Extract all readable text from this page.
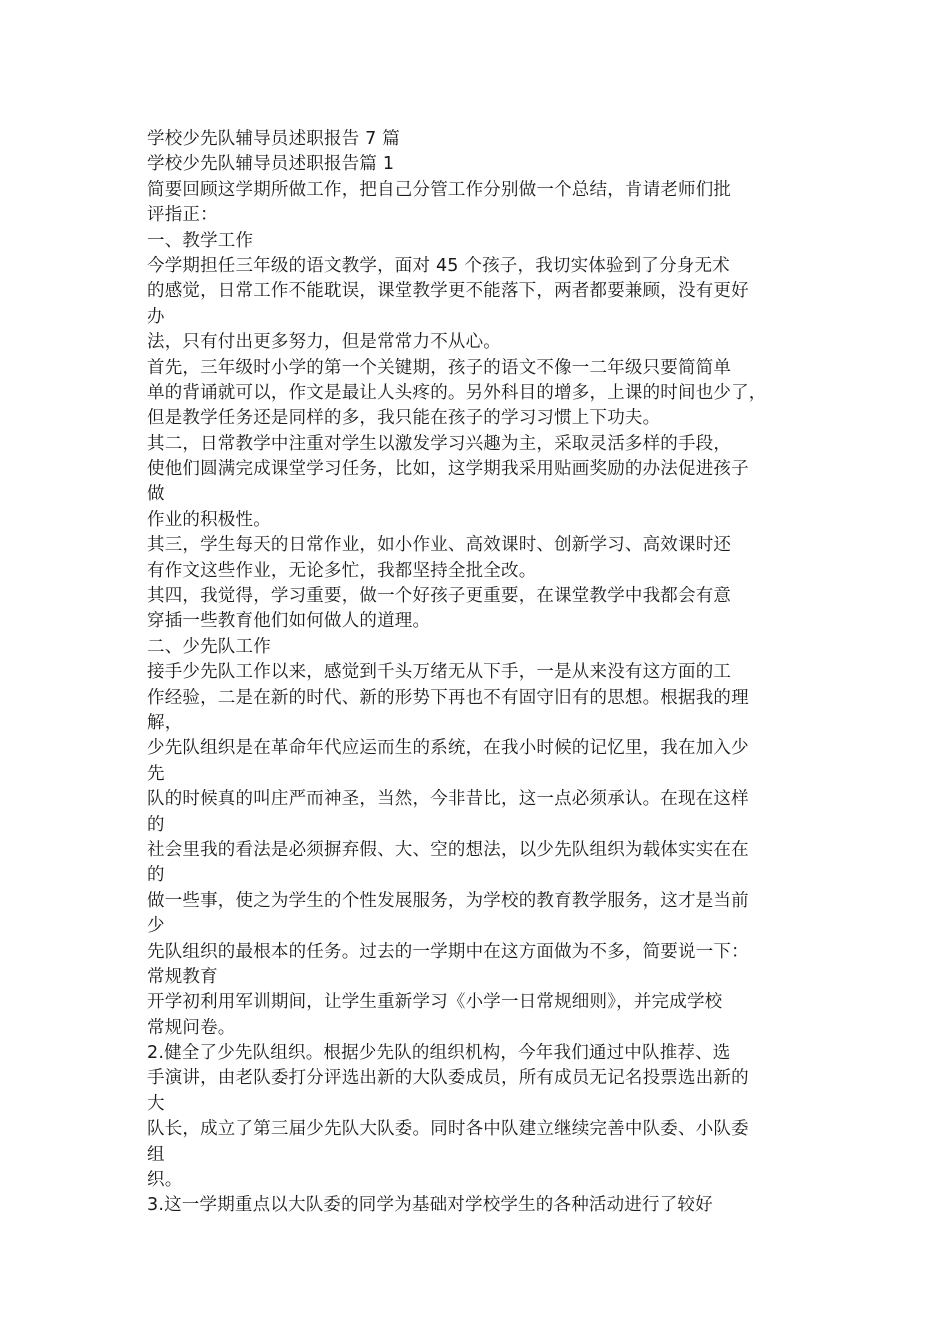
学校少先队辅导员述职报告 7 篇
学校少先队辅导员述职报告篇 1
简要回顾这学期所做工作，把自己分管工作分别做一个总结，肯请老师们批
评指正：
一、教学工作
今学期担任三年级的语文教学，面对 45 个孩子，我切实体验到了分身无术
的感觉，日常工作不能耽误，课堂教学更不能落下，两者都要兼顾，没有更好
办
法，只有付出更多努力，但是常常力不从心。
首先，三年级时小学的第一个关键期，孩子的语文不像一二年级只要简简单
单的背诵就可以，作文是最让人头疼的。另外科目的增多，上课的时间也少了，
但是教学任务还是同样的多，我只能在孩子的学习习惯上下功夫。
其二，日常教学中注重对学生以激发学习兴趣为主，采取灵活多样的手段，
使他们圆满完成课堂学习任务，比如，这学期我采用贴画奖励的办法促进孩子
做
作业的积极性。
其三，学生每天的日常作业，如小作业、高效课时、创新学习、高效课时还
有作文这些作业，无论多忙，我都坚持全批全改。
其四，我觉得，学习重要，做一个好孩子更重要，在课堂教学中我都会有意
穿插一些教育他们如何做人的道理。
二、少先队工作
接手少先队工作以来，感觉到千头万绪无从下手，一是从来没有这方面的工
作经验，二是在新的时代、新的形势下再也不有固守旧有的思想。根据我的理
解，
少先队组织是在革命年代应运而生的系统，在我小时候的记忆里，我在加入少
先
队的时候真的叫庄严而神圣，当然，今非昔比，这一点必须承认。在现在这样
的
社会里我的看法是必须摒弃假、大、空的想法，以少先队组织为载体实实在在
的
做一些事，使之为学生的个性发展服务，为学校的教育教学服务，这才是当前
少
先队组织的最根本的任务。过去的一学期中在这方面做为不多，简要说一下：
常规教育
开学初利用军训期间，让学生重新学习《小学一日常规细则》，并完成学校
常规问卷。
2.健全了少先队组织。根据少先队的组织机构，今年我们通过中队推荐、选
手演讲，由老队委打分评选出新的大队委成员，所有成员无记名投票选出新的
大
队长，成立了第三届少先队大队委。同时各中队建立继续完善中队委、小队委
组
织。
3.这一学期重点以大队委的同学为基础对学校学生的各种活动进行了较好
